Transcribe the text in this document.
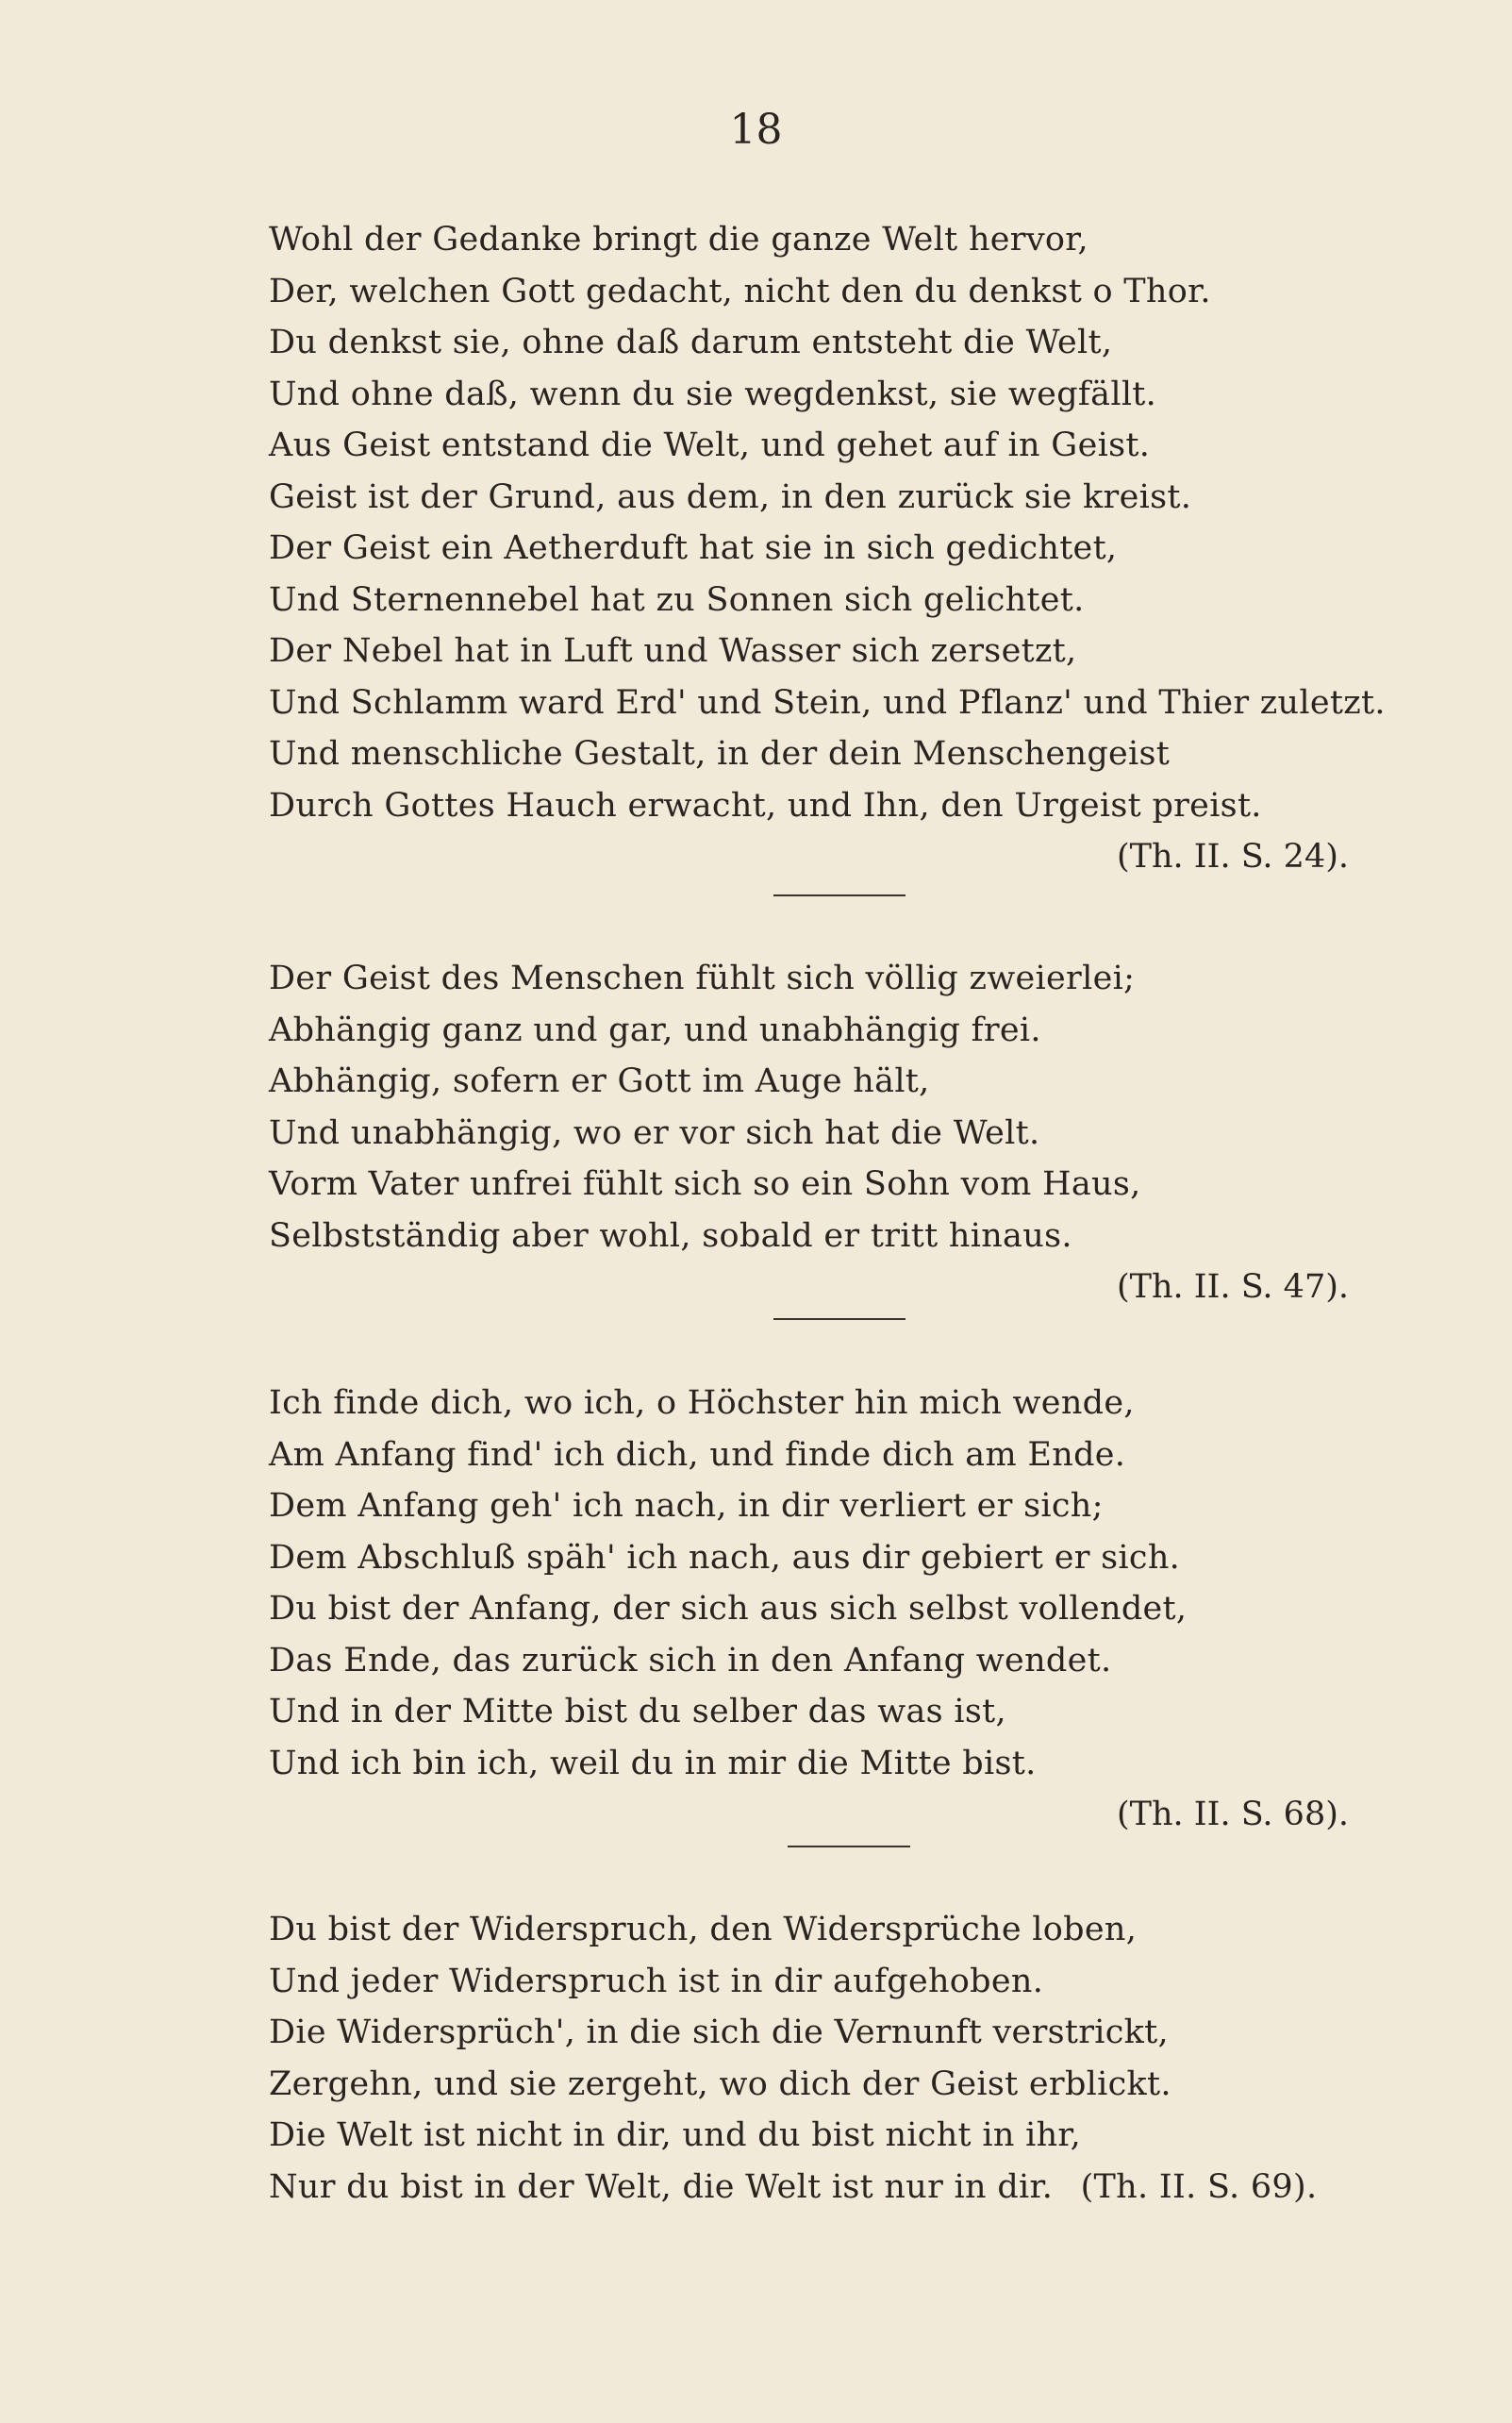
18
Wohl der Gedanke bringt die ganze Welt hervor,
Der, welchen Gott gedacht, nicht den du denkst o Thor.
Du denkst sie, ohne daß darum entsteht die Welt,
Und ohne daß, wenn du sie wegdenkst, sie wegfällt.
Aus Geist entstand die Welt, und gehet auf in Geist.
Geist ist der Grund, aus dem, in den zurück sie kreist.
Der Geist ein Aetherduft hat sie in sich gedichtet,
Und Sternennebel hat zu Sonnen sich gelichtet.
Der Nebel hat in Luft und Wasser sich zersetzt,
Und Schlamm ward Erd' und Stein, und Pflanz' und Thier zuletzt.
Und menschliche Gestalt, in der dein Menschengeist
Durch Gottes Hauch erwacht, und Ihn, den Urgeist preist.
(Th. II. S. 24).
Der Geist des Menschen fühlt sich völlig zweierlei;
Abhängig ganz und gar, und unabhängig frei.
Abhängig, sofern er Gott im Auge hält,
Und unabhängig, wo er vor sich hat die Welt.
Vorm Vater unfrei fühlt sich so ein Sohn vom Haus,
Selbstständig aber wohl, sobald er tritt hinaus.
(Th. II. S. 47).
Ich finde dich, wo ich, o Höchster hin mich wende,
Am Anfang find' ich dich, und finde dich am Ende.
Dem Anfang geh' ich nach, in dir verliert er sich;
Dem Abschluß späh' ich nach, aus dir gebiert er sich.
Du bist der Anfang, der sich aus sich selbst vollendet,
Das Ende, das zurück sich in den Anfang wendet.
Und in der Mitte bist du selber das was ist,
Und ich bin ich, weil du in mir die Mitte bist.
(Th. II. S. 68).
Du bist der Widerspruch, den Widersprüche loben,
Und jeder Widerspruch ist in dir aufgehoben.
Die Widersprüch', in die sich die Vernunft verstrickt,
Zergehn, und sie zergeht, wo dich der Geist erblickt.
Die Welt ist nicht in dir, und du bist nicht in ihr,
Nur du bist in der Welt, die Welt ist nur in dir. (Th. II. S. 69).
